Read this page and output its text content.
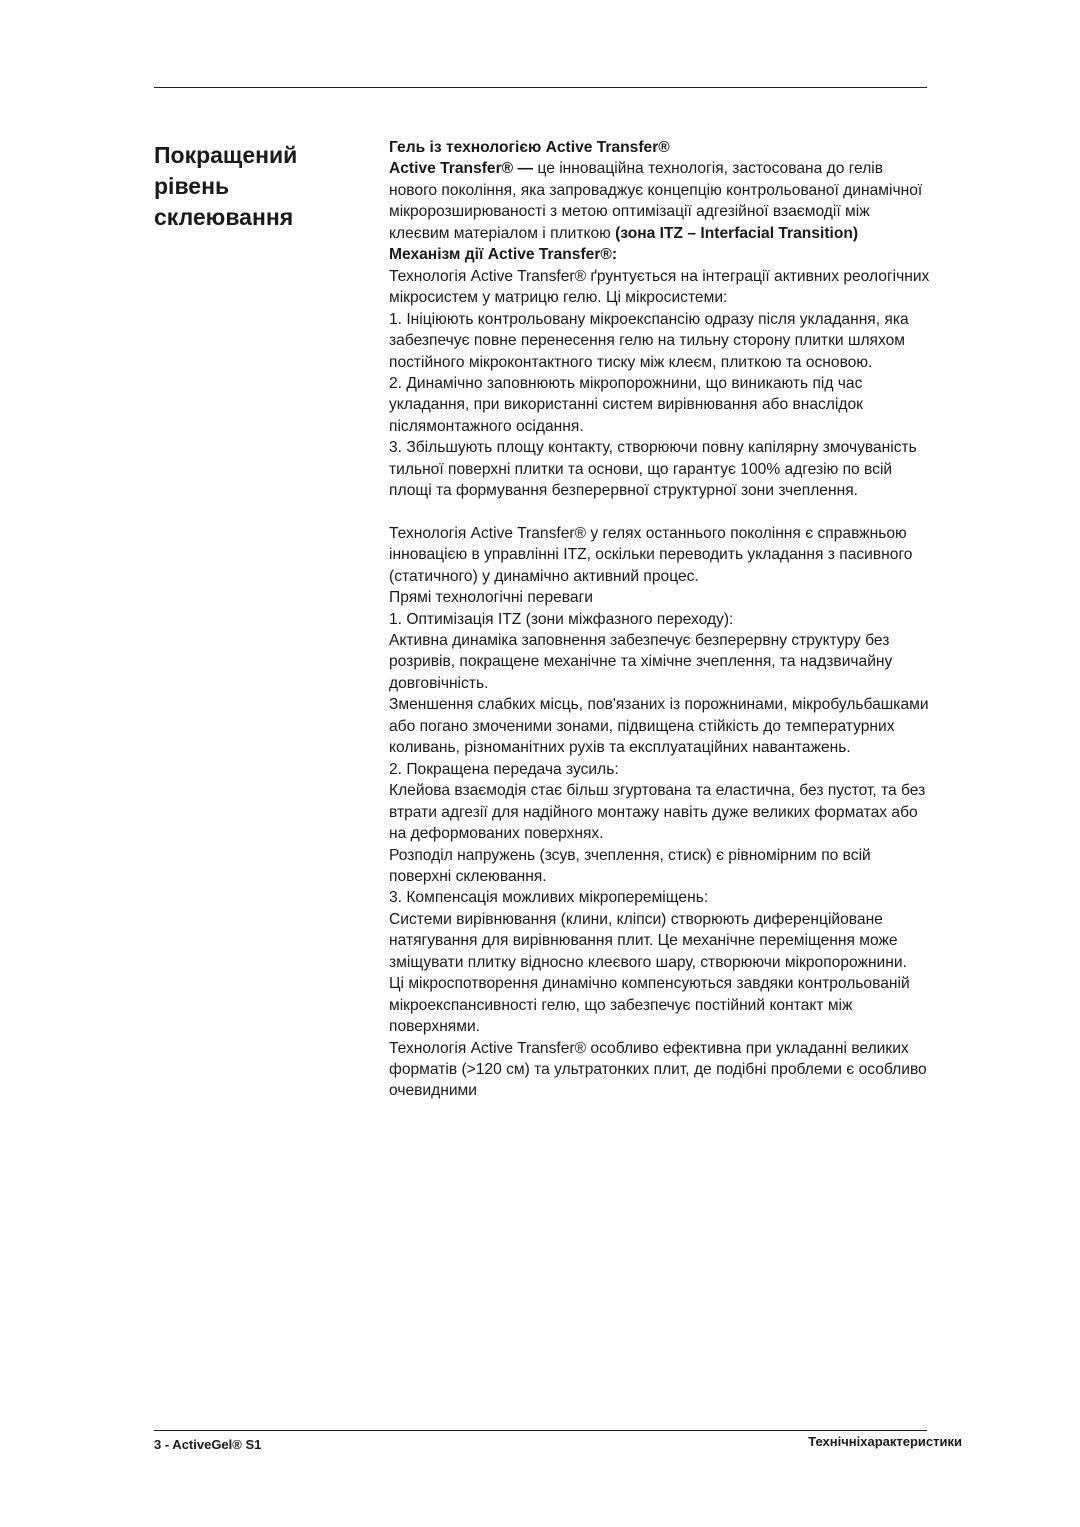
Покращений
рівень
склеювання

Гель із технологією Active Transfer®

Active Transfer® — це інноваційна технологія, застосована до гелів нового покоління, яка запроваджує концепцію контрольованої динамічної мікророзширюваності з метою оптимізації адгезійної взаємодії між клеєвим матеріалом і плиткою (зона ITZ – Interfacial Transition)

Механізм дії Active Transfer®:

Технологія Active Transfer® ґрунтується на інтеграції активних реологічних мікросистем у матрицю гелю. Ці мікросистеми:

1. Ініціюють контрольовану мікроекспансію одразу після укладання, яка забезпечує повне перенесення гелю на тильну сторону плитки шляхом постійного мікроконтактного тиску між клеєм, плиткою та основою.

2. Динамічно заповнюють мікропорожнини, що виникають під час укладання, при використанні систем вирівнювання або внаслідок післямонтажного осідання.

3. Збільшують площу контакту, створюючи повну капілярну змочуваність тильної поверхні плитки та основи, що гарантує 100% адгезію по всій площі та формування безперервної структурної зони зчеплення.

Технологія Active Transfer® у гелях останнього покоління є справжньою інновацією в управлінні ITZ, оскільки переводить укладання з пасивного (статичного) у динамічно активний процес.

Прямі технологічні переваги

1. Оптимізація ITZ (зони міжфазного переходу):

Активна динаміка заповнення забезпечує безперервну структуру без розривів, покращене механічне та хімічне зчеплення, та надзвичайну довговічність.

Зменшення слабких місць, пов'язаних із порожнинами, мікробульбашками або погано змоченими зонами, підвищена стійкість до температурних коливань, різноманітних рухів та експлуатаційних навантажень.

2. Покращена передача зусиль:

Клейова взаємодія стає більш згуртована та еластична, без пустот, та без втрати адгезії для надійного монтажу навіть дуже великих форматах або на деформованих поверхнях.

Розподіл напружень (зсув, зчеплення, стиск) є рівномірним по всій поверхні склеювання.

3. Компенсація можливих мікропереміщень:

Системи вирівнювання (клини, кліпси) створюють диференційоване натягування для вирівнювання плит. Це механічне переміщення може зміщувати плитку відносно клеєвого шару, створюючи мікропорожнини.

Ці мікроспотворення динамічно компенсуються завдяки контрольованій мікроекспансивності гелю, що забезпечує постійний контакт між поверхнями.

Технологія Active Transfer® особливо ефективна при укладанні великих форматів (>120 см) та ультратонких плит, де подібні проблеми є особливо очевидними

3 - ActiveGel® S1	Технічніхарактеристики
